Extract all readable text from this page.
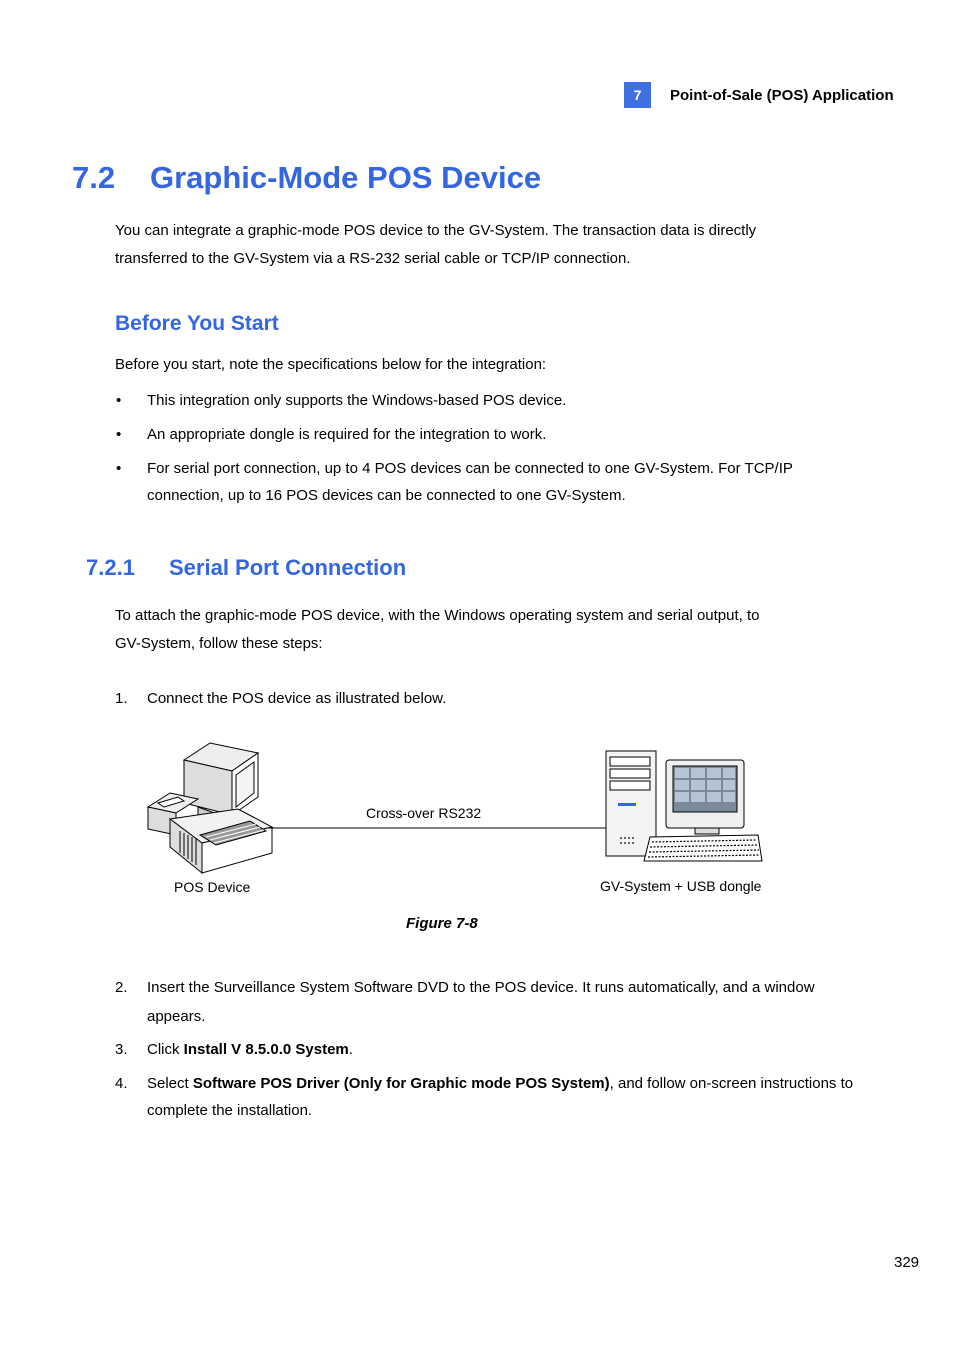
7	Point-of-Sale (POS) Application
7.2 Graphic-Mode POS Device
You can integrate a graphic-mode POS device to the GV-System. The transaction data is directly
transferred to the GV-System via a RS-232 serial cable or TCP/IP connection.
Before You Start
Before you start, note the specifications below for the integration:
• This integration only supports the Windows-based POS device.
• An appropriate dongle is required for the integration to work.
• For serial port connection, up to 4 POS devices can be connected to one GV-System. For TCP/IP connection, up to 16 POS devices can be connected to one GV-System.
7.2.1 Serial Port Connection
To attach the graphic-mode POS device, with the Windows operating system and serial output, to
GV-System, follow these steps:
1. Connect the POS device as illustrated below.
Cross-over RS232
POS Device	GV-System + USB dongle
Figure 7-8
2. Insert the Surveillance System Software DVD to the POS device. It runs automatically, and a window appears.
3. Click Install V 8.5.0.0 System.
4. Select Software POS Driver (Only for Graphic mode POS System), and follow on-screen instructions to complete the installation.
329
